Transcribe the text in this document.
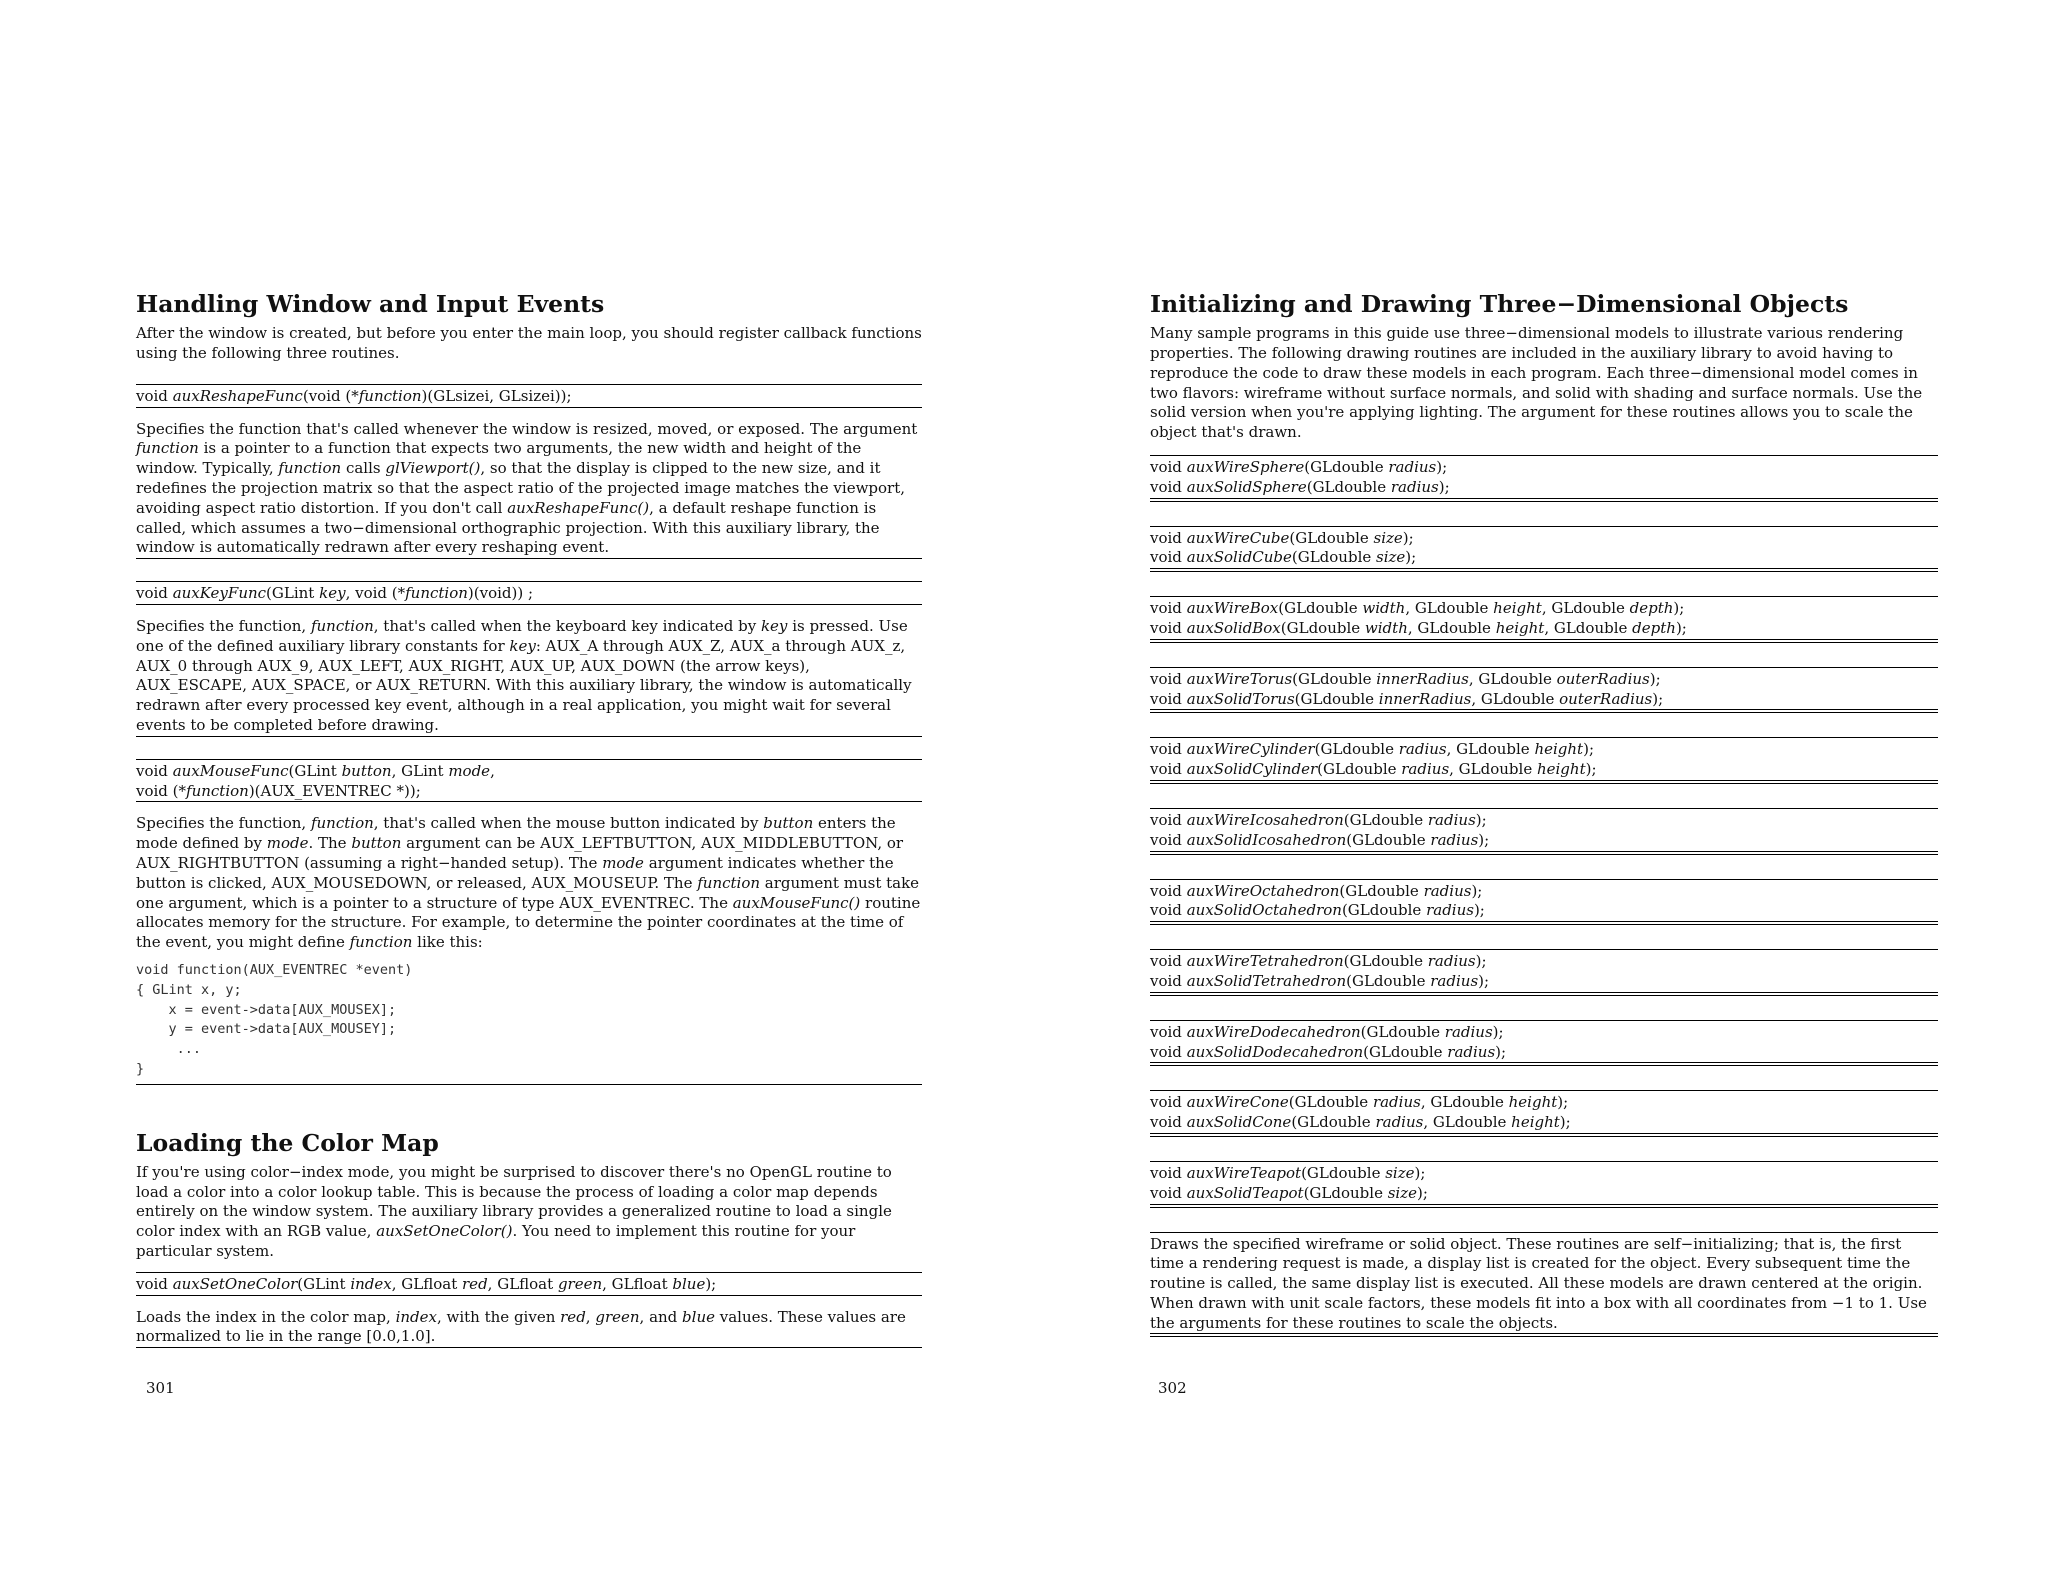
Handling Window and Input Events

After the window is created, but before you enter the main loop, you should register callback functions using the following three routines.

void auxReshapeFunc(void (*function)(GLsizei, GLsizei));
Specifies the function that's called whenever the window is resized, moved, or exposed. The argument function is a pointer to a function that expects two arguments, the new width and height of the window. Typically, function calls glViewport(), so that the display is clipped to the new size, and it redefines the projection matrix so that the aspect ratio of the projected image matches the viewport, avoiding aspect ratio distortion. If you don't call auxReshapeFunc(), a default reshape function is called, which assumes a two−dimensional orthographic projection. With this auxiliary library, the window is automatically redrawn after every reshaping event.
void auxKeyFunc(GLint key, void (*function)(void)) ;
Specifies the function, function, that's called when the keyboard key indicated by key is pressed. Use one of the defined auxiliary library constants for key: AUX_A through AUX_Z, AUX_a through AUX_z, AUX_0 through AUX_9, AUX_LEFT, AUX_RIGHT, AUX_UP, AUX_DOWN (the arrow keys), AUX_ESCAPE, AUX_SPACE, or AUX_RETURN. With this auxiliary library, the window is automatically redrawn after every processed key event, although in a real application, you might wait for several events to be completed before drawing.
void auxMouseFunc(GLint button, GLint mode,
void (*function)(AUX_EVENTREC *));
Specifies the function, function, that's called when the mouse button indicated by button enters the mode defined by mode. The button argument can be AUX_LEFTBUTTON, AUX_MIDDLEBUTTON, or AUX_RIGHTBUTTON (assuming a right−handed setup). The mode argument indicates whether the button is clicked, AUX_MOUSEDOWN, or released, AUX_MOUSEUP. The function argument must take one argument, which is a pointer to a structure of type AUX_EVENTREC. The auxMouseFunc() routine allocates memory for the structure. For example, to determine the pointer coordinates at the time of the event, you might define function like this:
void function(AUX_EVENTREC *event)
{ GLint x, y;
x = event->data[AUX_MOUSEX];
y = event->data[AUX_MOUSEY];
...
}
Loading the Color Map

If you're using color−index mode, you might be surprised to discover there's no OpenGL routine to load a color into a color lookup table. This is because the process of loading a color map depends entirely on the window system. The auxiliary library provides a generalized routine to load a single color index with an RGB value, auxSetOneColor(). You need to implement this routine for your particular system.

void auxSetOneColor(GLint index, GLfloat red, GLfloat green, GLfloat blue);
Loads the index in the color map, index, with the given red, green, and blue values. These values are normalized to lie in the range [0.0,1.0].
301
Initializing and Drawing Three−Dimensional Objects

Many sample programs in this guide use three−dimensional models to illustrate various rendering properties. The following drawing routines are included in the auxiliary library to avoid having to reproduce the code to draw these models in each program. Each three−dimensional model comes in two flavors: wireframe without surface normals, and solid with shading and surface normals. Use the solid version when you're applying lighting. The argument for these routines allows you to scale the object that's drawn.

void auxWireSphere(GLdouble radius);
void auxSolidSphere(GLdouble radius);
void auxWireCube(GLdouble size);
void auxSolidCube(GLdouble size);
void auxWireBox(GLdouble width, GLdouble height, GLdouble depth);
void auxSolidBox(GLdouble width, GLdouble height, GLdouble depth);
void auxWireTorus(GLdouble innerRadius, GLdouble outerRadius);
void auxSolidTorus(GLdouble innerRadius, GLdouble outerRadius);
void auxWireCylinder(GLdouble radius, GLdouble height);
void auxSolidCylinder(GLdouble radius, GLdouble height);
void auxWireIcosahedron(GLdouble radius);
void auxSolidIcosahedron(GLdouble radius);
void auxWireOctahedron(GLdouble radius);
void auxSolidOctahedron(GLdouble radius);
void auxWireTetrahedron(GLdouble radius);
void auxSolidTetrahedron(GLdouble radius);
void auxWireDodecahedron(GLdouble radius);
void auxSolidDodecahedron(GLdouble radius);
void auxWireCone(GLdouble radius, GLdouble height);
void auxSolidCone(GLdouble radius, GLdouble height);
void auxWireTeapot(GLdouble size);
void auxSolidTeapot(GLdouble size);
Draws the specified wireframe or solid object. These routines are self−initializing; that is, the first time a rendering request is made, a display list is created for the object. Every subsequent time the routine is called, the same display list is executed. All these models are drawn centered at the origin. When drawn with unit scale factors, these models fit into a box with all coordinates from −1 to 1. Use the arguments for these routines to scale the objects.
302
